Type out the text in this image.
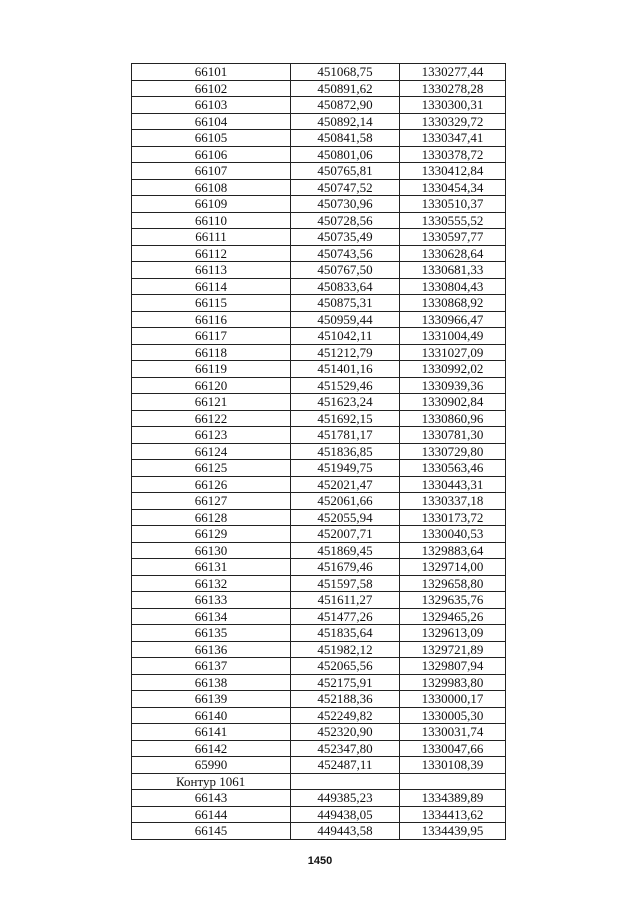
66101	451068,75	1330277,44
66102	450891,62	1330278,28
66103	450872,90	1330300,31
66104	450892,14	1330329,72
66105	450841,58	1330347,41
66106	450801,06	1330378,72
66107	450765,81	1330412,84
66108	450747,52	1330454,34
66109	450730,96	1330510,37
66110	450728,56	1330555,52
66111	450735,49	1330597,77
66112	450743,56	1330628,64
66113	450767,50	1330681,33
66114	450833,64	1330804,43
66115	450875,31	1330868,92
66116	450959,44	1330966,47
66117	451042,11	1331004,49
66118	451212,79	1331027,09
66119	451401,16	1330992,02
66120	451529,46	1330939,36
66121	451623,24	1330902,84
66122	451692,15	1330860,96
66123	451781,17	1330781,30
66124	451836,85	1330729,80
66125	451949,75	1330563,46
66126	452021,47	1330443,31
66127	452061,66	1330337,18
66128	452055,94	1330173,72
66129	452007,71	1330040,53
66130	451869,45	1329883,64
66131	451679,46	1329714,00
66132	451597,58	1329658,80
66133	451611,27	1329635,76
66134	451477,26	1329465,26
66135	451835,64	1329613,09
66136	451982,12	1329721,89
66137	452065,56	1329807,94
66138	452175,91	1329983,80
66139	452188,36	1330000,17
66140	452249,82	1330005,30
66141	452320,90	1330031,74
66142	452347,80	1330047,66
65990	452487,11	1330108,39
Контур 1061		
66143	449385,23	1334389,89
66144	449438,05	1334413,62
66145	449443,58	1334439,95
1450
